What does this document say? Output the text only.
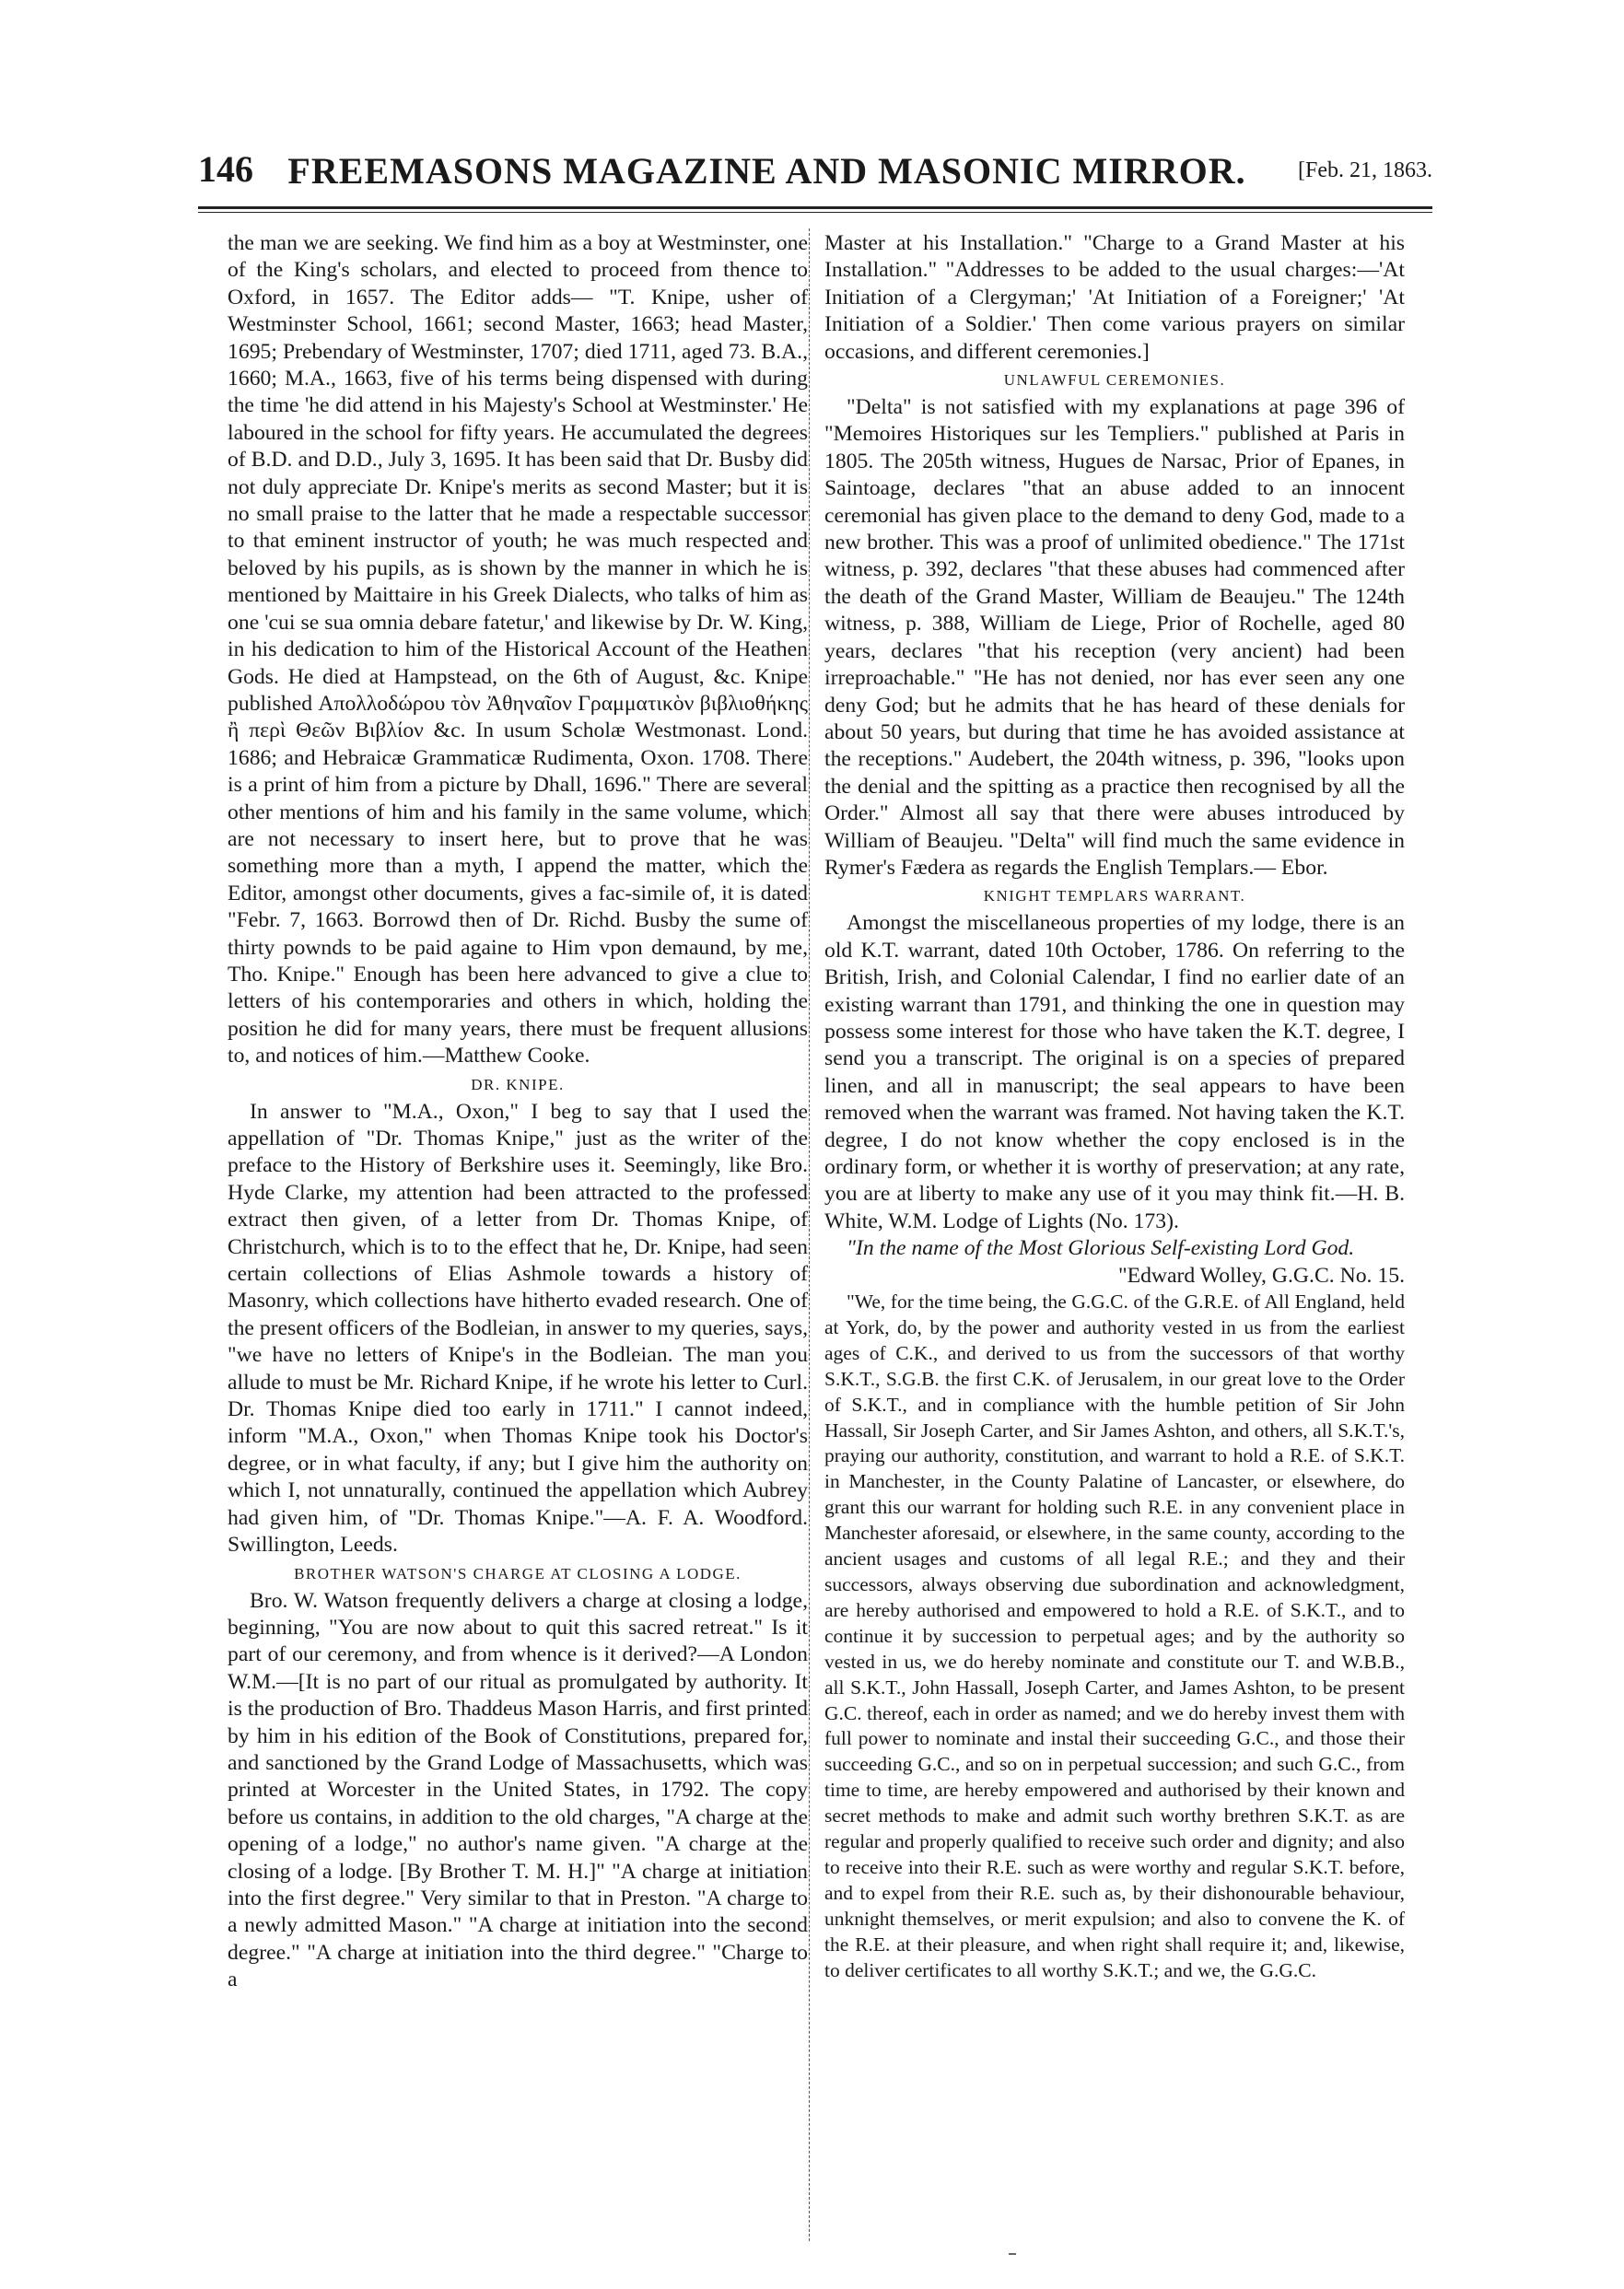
146 FREEMASONS MAGAZINE AND MASONIC MIRROR.	[Feb. 21, 1863.

the man we are seeking. We find him as a boy at Westminster, one of the King's scholars, and elected to proceed from thence to Oxford, in 1657. The Editor adds— "T. Knipe, usher of Westminster School, 1661; second Master, 1663; head Master, 1695; Prebendary of Westminster, 1707; died 1711, aged 73. B.A., 1660; M.A., 1663, five of his terms being dispensed with during the time 'he did attend in his Majesty's School at Westminster.' He laboured in the school for fifty years. He accumulated the degrees of B.D. and D.D., July 3, 1695. It has been said that Dr. Busby did not duly appreciate Dr. Knipe's merits as second Master; but it is no small praise to the latter that he made a respectable successor to that eminent instructor of youth; he was much respected and beloved by his pupils, as is shown by the manner in which he is mentioned by Maittaire in his Greek Dialects, who talks of him as one 'cui se sua omnia debare fatetur,' and likewise by Dr. W. King, in his dedication to him of the Historical Account of the Heathen Gods. He died at Hampstead, on the 6th of August, &c. Knipe published Απολλοδώρου τὸν Ἀθηναῖον Γραμματικὸν βιβλιοθήκης ἢ περὶ Θεῶν Βιβλίον &c. In usum Scholæ Westmonast. Lond. 1686; and Hebraicæ Grammaticæ Rudimenta, Oxon. 1708. There is a print of him from a picture by Dhall, 1696." There are several other mentions of him and his family in the same volume, which are not necessary to insert here, but to prove that he was something more than a myth, I append the matter, which the Editor, amongst other documents, gives a fac-simile of, it is dated "Febr. 7, 1663. Borrowd then of Dr. Richd. Busby the sume of thirty pownds to be paid againe to Him vpon demaund, by me, Tho. Knipe." Enough has been here advanced to give a clue to letters of his contemporaries and others in which, holding the position he did for many years, there must be frequent allusions to, and notices of him.—Matthew Cooke.

DR. KNIPE.

In answer to "M.A., Oxon," I beg to say that I used the appellation of "Dr. Thomas Knipe," just as the writer of the preface to the History of Berkshire uses it. Seemingly, like Bro. Hyde Clarke, my attention had been attracted to the professed extract then given, of a letter from Dr. Thomas Knipe, of Christchurch, which is to to the effect that he, Dr. Knipe, had seen certain collections of Elias Ashmole towards a history of Masonry, which collections have hitherto evaded research. One of the present officers of the Bodleian, in answer to my queries, says, "we have no letters of Knipe's in the Bodleian. The man you allude to must be Mr. Richard Knipe, if he wrote his letter to Curl. Dr. Thomas Knipe died too early in 1711." I cannot indeed, inform "M.A., Oxon," when Thomas Knipe took his Doctor's degree, or in what faculty, if any; but I give him the authority on which I, not unnaturally, continued the appellation which Aubrey had given him, of "Dr. Thomas Knipe."—A. F. A. Woodford. Swillington, Leeds.

BROTHER WATSON'S CHARGE AT CLOSING A LODGE.

Bro. W. Watson frequently delivers a charge at closing a lodge, beginning, "You are now about to quit this sacred retreat." Is it part of our ceremony, and from whence is it derived?—A London W.M.—[It is no part of our ritual as promulgated by authority. It is the production of Bro. Thaddeus Mason Harris, and first printed by him in his edition of the Book of Constitutions, prepared for, and sanctioned by the Grand Lodge of Massachusetts, which was printed at Worcester in the United States, in 1792. The copy before us contains, in addition to the old charges, "A charge at the opening of a lodge," no author's name given. "A charge at the closing of a lodge. [By Brother T. M. H.]" "A charge at initiation into the first degree." Very similar to that in Preston. "A charge to a newly admitted Mason." "A charge at initiation into the second degree." "A charge at initiation into the third degree." "Charge to a

Master at his Installation." "Charge to a Grand Master at his Installation." "Addresses to be added to the usual charges:—'At Initiation of a Clergyman;' 'At Initiation of a Foreigner;' 'At Initiation of a Soldier.' Then come various prayers on similar occasions, and different ceremonies.]

UNLAWFUL CEREMONIES.

"Delta" is not satisfied with my explanations at page 396 of "Memoires Historiques sur les Templiers." published at Paris in 1805. The 205th witness, Hugues de Narsac, Prior of Epanes, in Saintoage, declares "that an abuse added to an innocent ceremonial has given place to the demand to deny God, made to a new brother. This was a proof of unlimited obedience." The 171st witness, p. 392, declares "that these abuses had commenced after the death of the Grand Master, William de Beaujeu." The 124th witness, p. 388, William de Liege, Prior of Rochelle, aged 80 years, declares "that his reception (very ancient) had been irreproachable." "He has not denied, nor has ever seen any one deny God; but he admits that he has heard of these denials for about 50 years, but during that time he has avoided assistance at the receptions." Audebert, the 204th witness, p. 396, "looks upon the denial and the spitting as a practice then recognised by all the Order." Almost all say that there were abuses introduced by William of Beaujeu. "Delta" will find much the same evidence in Rymer's Fædera as regards the English Templars.— Ebor.

KNIGHT TEMPLARS WARRANT.

Amongst the miscellaneous properties of my lodge, there is an old K.T. warrant, dated 10th October, 1786. On referring to the British, Irish, and Colonial Calendar, I find no earlier date of an existing warrant than 1791, and thinking the one in question may possess some interest for those who have taken the K.T. degree, I send you a transcript. The original is on a species of prepared linen, and all in manuscript; the seal appears to have been removed when the warrant was framed. Not having taken the K.T. degree, I do not know whether the copy enclosed is in the ordinary form, or whether it is worthy of preservation; at any rate, you are at liberty to make any use of it you may think fit.—H. B. White, W.M. Lodge of Lights (No. 173).

"In the name of the Most Glorious Self-existing Lord God.

"Edward Wolley, G.G.C. No. 15.

"We, for the time being, the G.G.C. of the G.R.E. of All England, held at York, do, by the power and authority vested in us from the earliest ages of C.K., and derived to us from the successors of that worthy S.K.T., S.G.B. the first C.K. of Jerusalem, in our great love to the Order of S.K.T., and in compliance with the humble petition of Sir John Hassall, Sir Joseph Carter, and Sir James Ashton, and others, all S.K.T.'s, praying our authority, constitution, and warrant to hold a R.E. of S.K.T. in Manchester, in the County Palatine of Lancaster, or elsewhere, do grant this our warrant for holding such R.E. in any convenient place in Manchester aforesaid, or elsewhere, in the same county, according to the ancient usages and customs of all legal R.E.; and they and their successors, always observing due subordination and acknowledgment, are hereby authorised and empowered to hold a R.E. of S.K.T., and to continue it by succession to perpetual ages; and by the authority so vested in us, we do hereby nominate and constitute our T. and W.B.B., all S.K.T., John Hassall, Joseph Carter, and James Ashton, to be present G.C. thereof, each in order as named; and we do hereby invest them with full power to nominate and instal their succeeding G.C., and those their succeeding G.C., and so on in perpetual succession; and such G.C., from time to time, are hereby empowered and authorised by their known and secret methods to make and admit such worthy brethren S.K.T. as are regular and properly qualified to receive such order and dignity; and also to receive into their R.E. such as were worthy and regular S.K.T. before, and to expel from their R.E. such as, by their dishonourable behaviour, unknight themselves, or merit expulsion; and also to convene the K. of the R.E. at their pleasure, and when right shall require it; and, likewise, to deliver certificates to all worthy S.K.T.; and we, the G.G.C.
